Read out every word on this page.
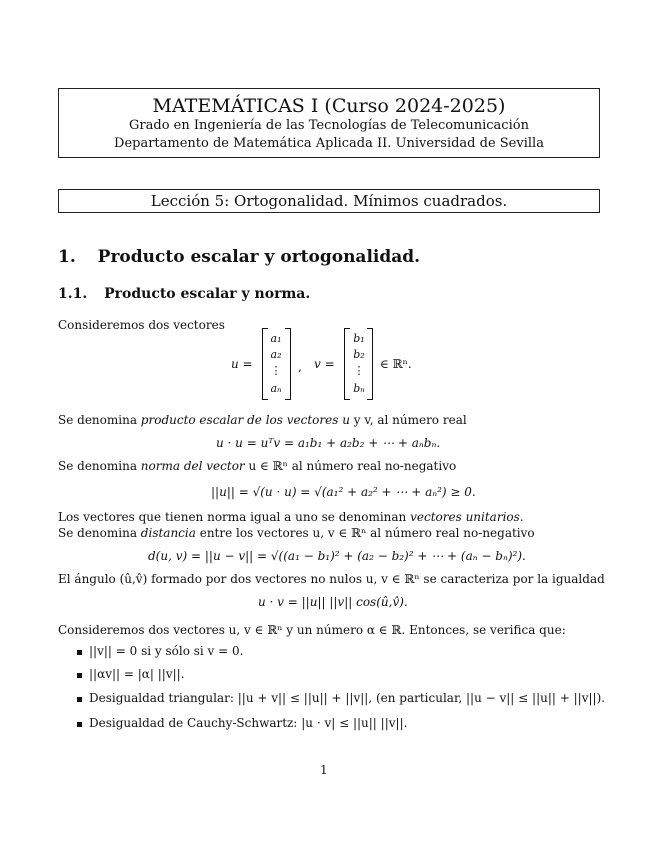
MATEMÁTICAS I (Curso 2024-2025)
Grado en Ingeniería de las Tecnologías de Telecomunicación
Departamento de Matemática Aplicada II. Universidad de Sevilla
Lección 5: Ortogonalidad. Mínimos cuadrados.
1. Producto escalar y ortogonalidad.
1.1. Producto escalar y norma.
Consideremos dos vectores
u =
a₁
a₂
⋮
aₙ
, v =
b₁
b₂
⋮
bₙ
∈ ℝⁿ.
Se denomina producto escalar de los vectores u y v, al número real
u · u = uᵀv = a₁b₁ + a₂b₂ + ⋯ + aₙbₙ.
Se denomina norma del vector u ∈ ℝⁿ al número real no-negativo
||u|| = √(u · u) = √(a₁² + a₂² + ⋯ + aₙ²) ≥ 0.
Los vectores que tienen norma igual a uno se denominan vectores unitarios.
Se denomina distancia entre los vectores u, v ∈ ℝⁿ al número real no-negativo
d(u, v) = ||u − v|| = √((a₁ − b₁)² + (a₂ − b₂)² + ⋯ + (aₙ − bₙ)²).
El ángulo (û,v̂) formado por dos vectores no nulos u, v ∈ ℝⁿ se caracteriza por la igualdad
u · v = ||u|| ||v|| cos(û,v̂).
Consideremos dos vectores u, v ∈ ℝⁿ y un número α ∈ ℝ. Entonces, se verifica que:
||v|| = 0 si y sólo si v = 0.
||αv|| = |α| ||v||.
Desigualdad triangular: ||u + v|| ≤ ||u|| + ||v||, (en particular, ||u − v|| ≤ ||u|| + ||v||).
Desigualdad de Cauchy-Schwartz: |u · v| ≤ ||u|| ||v||.
1
